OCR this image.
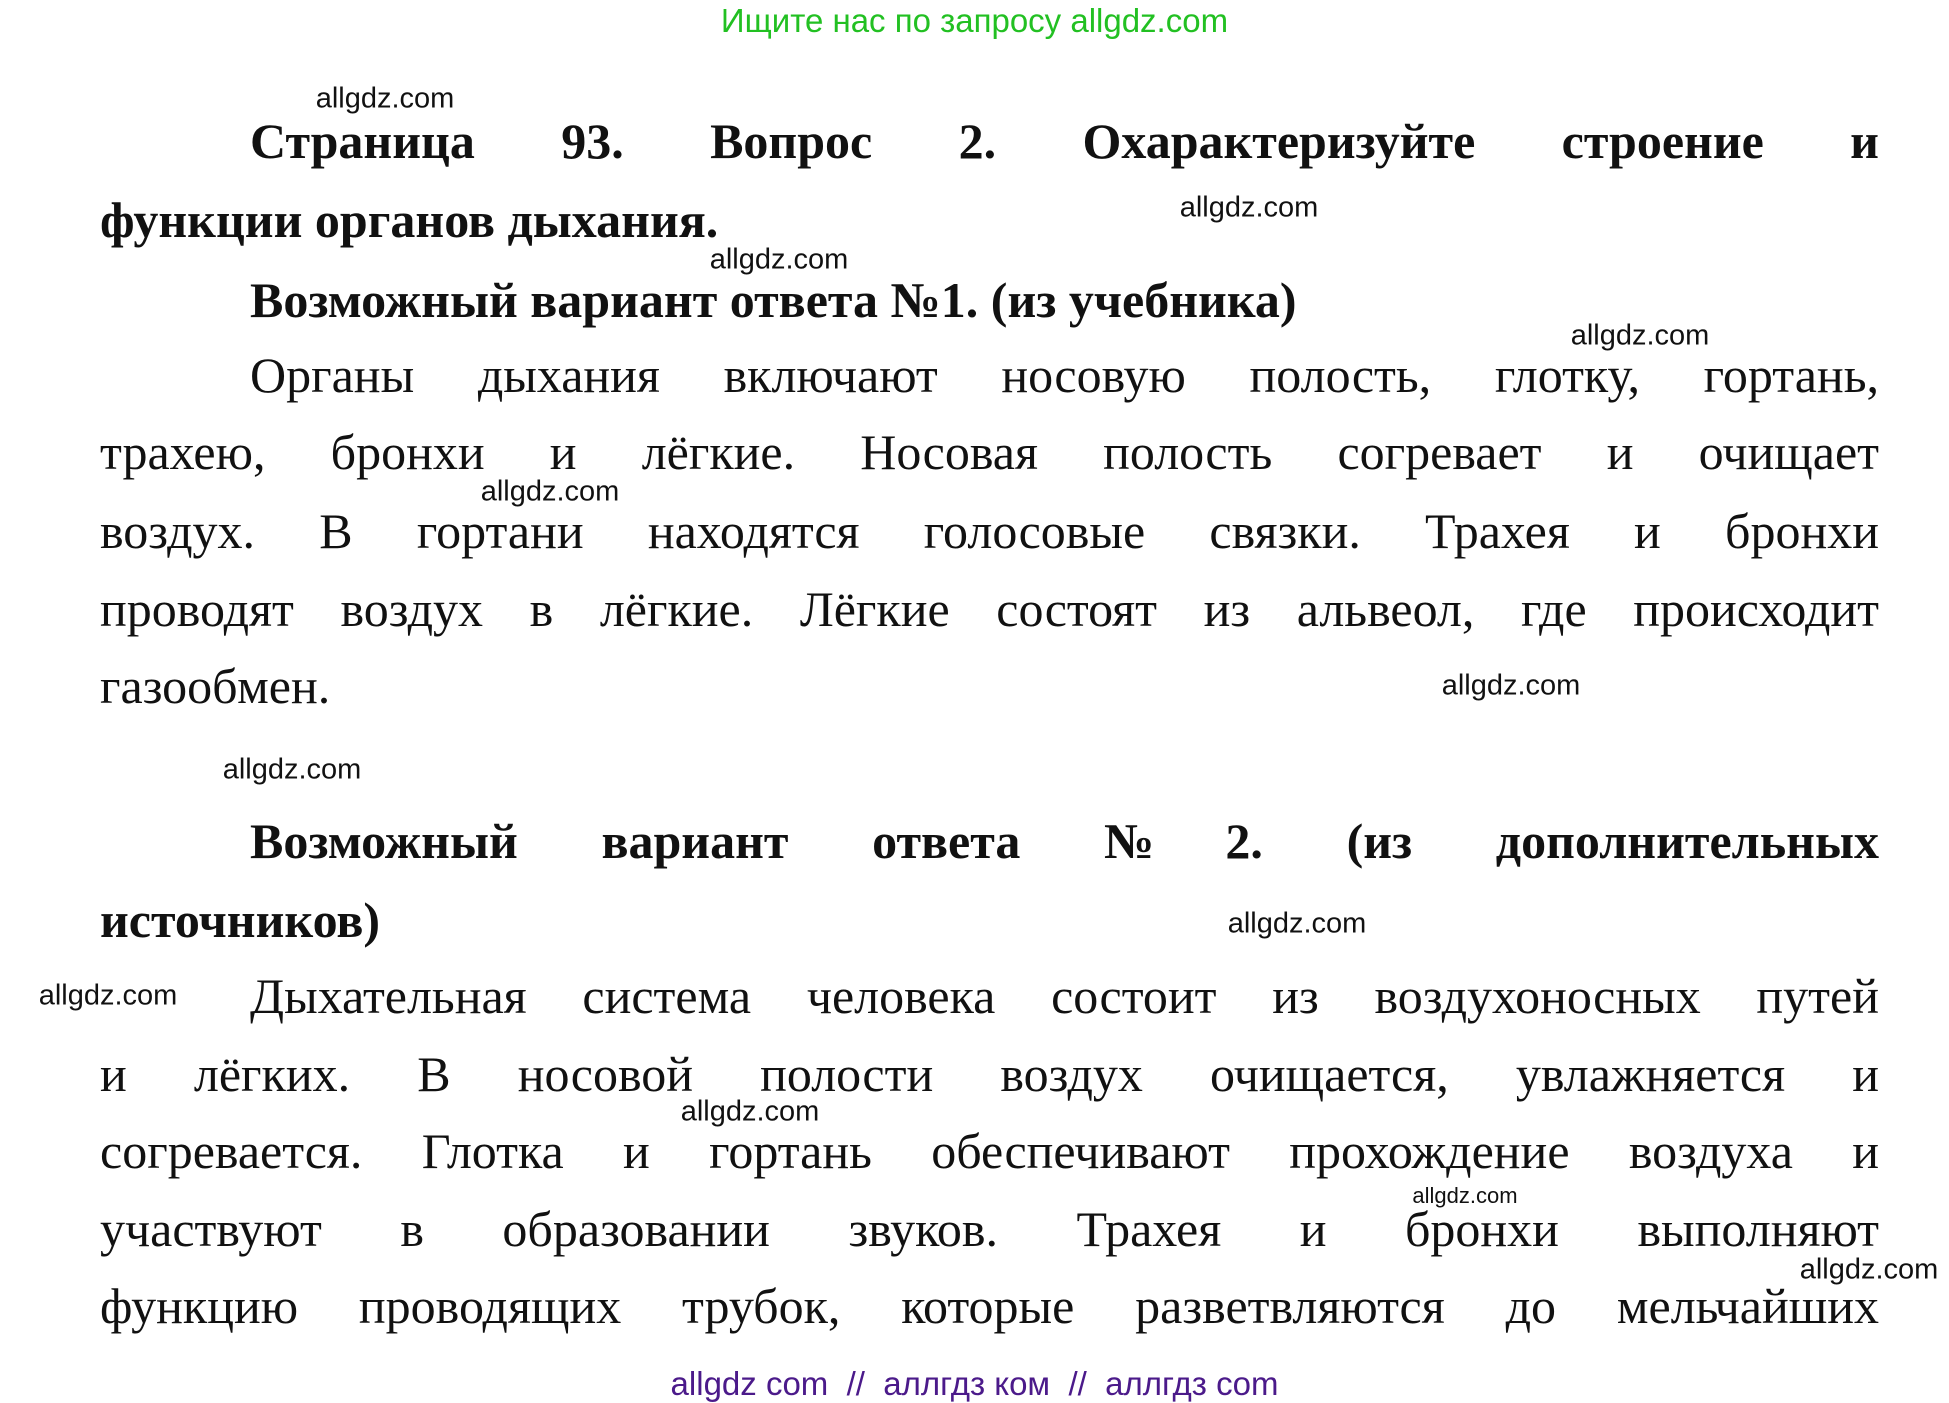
Ищите нас по запросу allgdz.com
Страница 93. Вопрос 2. Охарактеризуйте строение и
функции органов дыхания.
Возможный вариант ответа №1. (из учебника)
Органы дыхания включают носовую полость, глотку, гортань,
трахею, бронхи и лёгкие. Носовая полость согревает и очищает
воздух. В гортани находятся голосовые связки. Трахея и бронхи
проводят воздух в лёгкие. Лёгкие состоят из альвеол, где происходит
газообмен.
Возможный вариант ответа №2. (из дополнительных
источников)
Дыхательная система человека состоит из воздухоносных путей
и лёгких. В носовой полости воздух очищается, увлажняется и
согревается. Глотка и гортань обеспечивают прохождение воздуха и
участвуют в образовании звуков. Трахея и бронхи выполняют
функцию проводящих трубок, которые разветвляются до мельчайших
allgdz.com
allgdz.com
allgdz.com
allgdz.com
allgdz.com
allgdz.com
allgdz.com
allgdz.com
allgdz.com
allgdz.com
allgdz.com
allgdz.com
allgdz com  //  аллгдз ком  //  аллгдз com
